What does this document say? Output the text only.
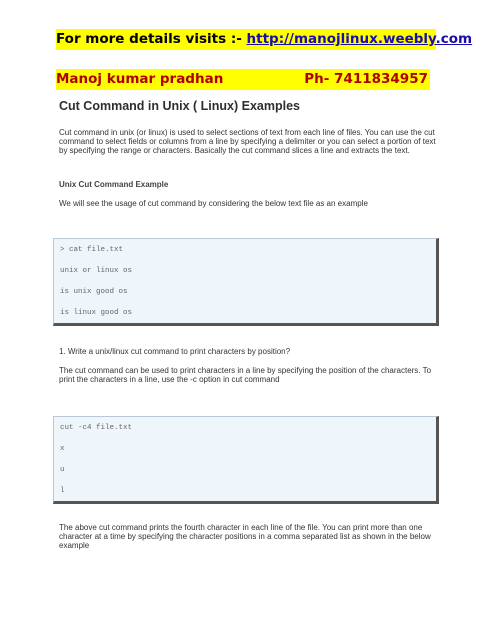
For more details visits :- http://manojlinux.weebly.com
Manoj kumar pradhan	Ph- 7411834957
Cut Command in Unix ( Linux) Examples

Cut command in unix (or linux) is used to select sections of text from each line of files. You can use the cut command to select fields or columns from a line by specifying a delimiter or you can select a portion of text by specifying the range or characters. Basically the cut command slices a line and extracts the text.

Unix Cut Command Example

We will see the usage of cut command by considering the below text file as an example

> cat file.txt
unix or linux os
is unix good os
is linux good os
1. Write a unix/linux cut command to print characters by position?

The cut command can be used to print characters in a line by specifying the position of the characters. To print the characters in a line, use the -c option in cut command

cut -c4 file.txt
x
u
l

The above cut command prints the fourth character in each line of the file. You can print more than one character at a time by specifying the character positions in a comma separated list as shown in the below example
